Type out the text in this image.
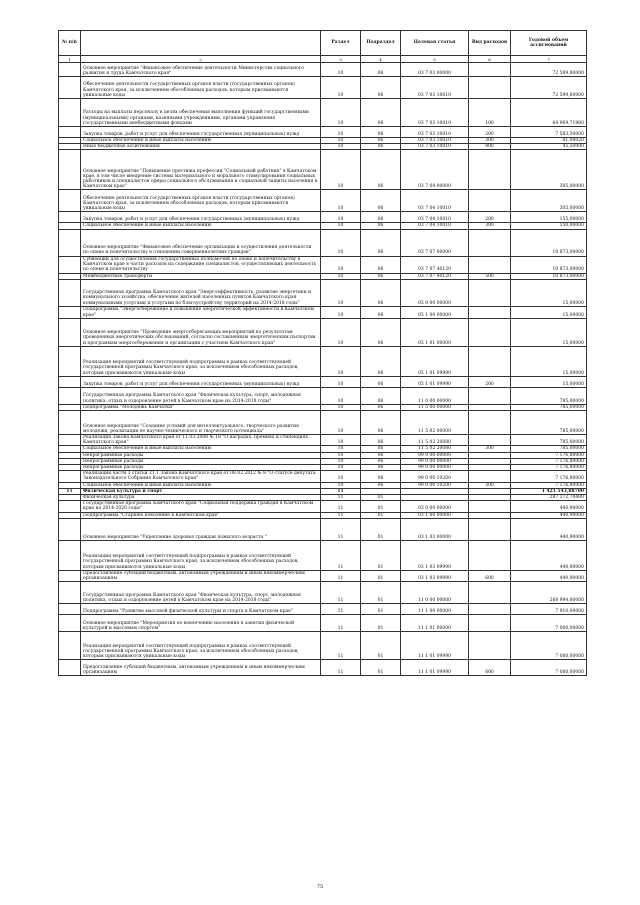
№ п/п		Раздел	Подраздел	Целевая статья	Вид расходов	Годовой объем ассигнований
1	2	3	4	5	6	7
	Основное мероприятие "Финансовое обеспечение деятельности Министерства социального развития и труда Камчатского края"	10	06	03 7 03 00000		72 599,80000
	Обеспечение деятельности государственных органов власти (государственных органов) Камчатского края, за исключением обособленных расходов, которым присваиваются уникальные коды	10	06	03 7 03 10010		72 599,80000
	Расходы на выплаты персоналу в целях обеспечения выполнения функций государственными (муниципальными) органами, казенными учреждениями, органами управления государственными внебюджетными фондами	10	06	03 7 03 10010	100	64 969,71960
	Закупка товаров, работ и услуг для обеспечения государственных (муниципальных) нужд	10	06	03 7 03 10010	200	7 583,30000
	Социальное обеспечение и иные выплаты населению	10	06	03 7 03 10010	300	81,08020
	Иные бюджетные ассигнования	10	06	03 7 03 10010	800	45,50000
	Основное мероприятие "Повышение престижа профессии "Социальный работник" в Камчатском крае, в том числе внедрение системы материального и морального стимулирования социальных работников и специалистов сферы социального обслуживания и социальной защиты населения в Камчатском крае"	10	06	03 7 04 00000		305,00000
	Обеспечение деятельности государственных органов власти (государственных органов) Камчатского края, за исключением обособленных расходов, которым присваиваются уникальные коды	10	06	03 7 04 10010		305,00000
	Закупка товаров, работ и услуг для обеспечения государственных (муниципальных) нужд	10	06	03 7 04 10010	200	155,00000
	Социальное обеспечение и иные выплаты населению	10	06	03 7 04 10010	300	150,00000
	Основное мероприятие "Финансовое обеспечение организации и осуществления деятельности по опеке и попечительству в отношении совершеннолетних граждан"	10	06	03 7 07 00000		10 873,00000
	Субвенции для осуществления государственных полномочий по опеке и попечительству в Камчатском крае в части расходов на содержание специалистов, осуществляющих деятельность по опеке и попечительству	10	06	03 7 07 40120		10 873,00000
	Межбюджетные трансферты	10	06	03 7 07 40120	500	10 873,00000
	Государственная программа Камчатского края "Энергоэффективность, развитие энергетики и коммунального хозяйства, обеспечение жителей населенных пунктов Камчатского края коммунальными услугами и услугами по благоустройству территорий на 2014-2018 годы"	10	06	05 0 00 00000		15,00000
	Подпрограмма "Энергосбережение и повышение энергетической эффективности в Камчатском крае"	10	06	05 1 00 00000		15,00000
	Основное мероприятие "Проведение энергосберегающих мероприятий по результатам проведенных энергетических обследований, согласно составленным энергетическим паспортам и программам энергосбережения и организации с участием Камчатского края"	10	06	05 1 01 00000		15,00000
	Реализация мероприятий соответствующей подпрограммы в рамках соответствующей государственной программы Камчатского края, за исключением обособленных расходов, которым присваиваются уникальные коды	10	06	05 1 01 09990		15,00000
	Закупка товаров, работ и услуг для обеспечения государственных (муниципальных) нужд	10	06	05 1 01 09990	200	15,00000
	Государственная программа Камчатского края "Физическая культура, спорт, молодежная политика, отдых и оздоровление детей в Камчатском крае на 2014-2018 годы"	10	06	11 0 00 00000		785,00000
	Подпрограмма "Молодежь Камчатки"	10	06	11 5 00 00000		785,00000
	Основное мероприятие "Создание условий для интеллектуального, творческого развития молодежи, реализации ее научно-технического и творческого потенциала"	10	06	11 5 02 00000		785,00000
	Реализация Закона Камчатского края от 11.03.2008 № 18 "О наградах, премиях и стипендиях Камчатского края"	10	06	11 5 02 20080		785,00000
	Социальное обеспечение и иные выплаты населению	10	06	11 5 02 20080	300	785,00000
	Непрограммные расходы	10	06	99 0 00 00000		7 176,80000
	Непрограммные расходы	10	06	99 0 00 00000		7 176,80000
	Непрограммные расходы	10	06	99 0 00 00000		7 176,80000
	Реализация части 3 статьи 21.1 Закона Камчатского края от 08.02.2012 № 8 "О статусе депутата Законодательного Собрания Камчатского края"	10	06	99 0 00 10200		7 176,80000
	Социальное обеспечение и иные выплаты населению	10	06	99 0 00 10200	300	7 176,80000
11	Физическая культура и спорт	11				1 421 543,88700
	Физическая культура	11	01			287 372,70400
	Государственная программа Камчатского края "Социальная поддержка граждан в Камчатском крае на 2014-2020 годы"	11	01	03 0 00 00000		440,90000
	Подпрограмма "Старшее поколение в Камчатском крае"	11	01	03 1 00 00000		440,90000
	Основное мероприятие "Укрепление здоровья граждан пожилого возраста "	11	01	03 1 03 00000		440,90000
	Реализация мероприятий соответствующей подпрограммы в рамках соответствующей государственной программы Камчатского края, за исключением обособленных расходов, которым присваиваются уникальные коды	11	01	03 1 03 09990		440,90000
	Предоставление субсидий бюджетным, автономным учреждениям и иным некоммерческим организациям	11	01	03 1 03 09990	600	440,90000
	Государственная программа Камчатского края "Физическая культура, спорт, молодежная политика, отдых и оздоровление детей в Камчатском крае на 2014-2018 годы"	11	01	11 0 00 00000		268 994,60000
	Подпрограмма "Развитие массовой физической культуры и спорта в Камчатском крае"	11	01	11 1 00 00000		7 910,00000
	Основное мероприятие "Мероприятия по вовлечению населения в занятия физической культурой и массовым спортом"	11	01	11 1 01 00000		7 000,00000
	Реализация мероприятий соответствующей подпрограммы в рамках соответствующей государственной программы Камчатского края, за исключением обособленных расходов, которым присваиваются уникальные коды	11	01	11 1 01 09990		7 000,00000
	Предоставление субсидий бюджетным, автономным учреждениям и иным некоммерческим организациям	11	01	11 1 01 09990	600	7 000,00000
75
